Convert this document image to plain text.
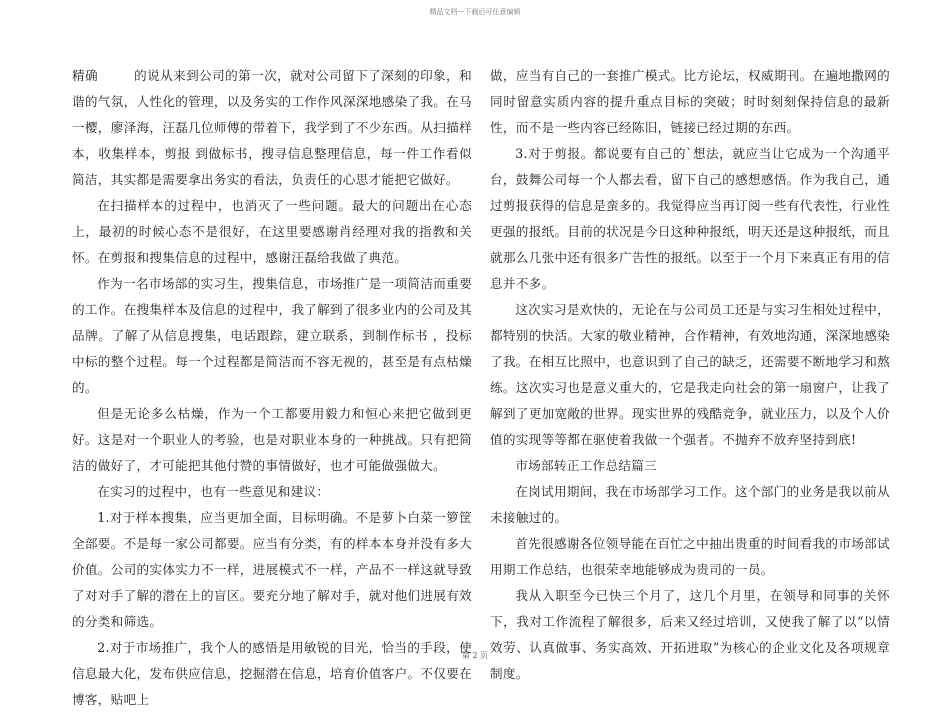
精品文档---下载后可任意编辑

精确	的说从来到公司的第一次，就对公司留下了深刻的印象，和谐的气氛，人性化的管理，以及务实的工作作风深深地感染了我。在马一樱，廖泽海，汪磊几位师傅的带着下，我学到了不少东西。从扫描样本，收集样本，剪报 到做标书，搜寻信息整理信息，每一件工作看似简洁，其实都是需要拿出务实的看法，负责任的心思才能把它做好。

在扫描样本的过程中，也消灭了一些问题。最大的问题出在心态上，最初的时候心态不是很好，在这里要感谢肖经理对我的指教和关怀。在剪报和搜集信息的过程中，感谢汪磊给我做了典范。

作为一名市场部的实习生，搜集信息，市场推广是一项简洁而重要的工作。在搜集样本及信息的过程中，我了解到了很多业内的公司及其品牌。了解了从信息搜集，电话跟踪，建立联系，到制作标书 ，投标中标的整个过程。每一个过程都是简洁而不容无视的，甚至是有点枯燥的。

但是无论多么枯燥，作为一个工都要用毅力和恒心来把它做到更好。这是对一个职业人的考验，也是对职业本身的一种挑战。只有把简洁的做好了，才可能把其他付赞的事情做好，也才可能做强做大。

在实习的过程中，也有一些意见和建议：

1.对于样本搜集，应当更加全面，目标明确。不是萝卜白菜一箩筐全部要。不是每一家公司都要。应当有分类，有的样本本身并没有多大价值。公司的实体实力不一样，进展模式不一样，产品不一样这就导致了对对手了解的潜在上的盲区。要充分地了解对手，就对他们进展有效的分类和筛选。

2.对于市场推广，我个人的感悟是用敏锐的目光，恰当的手段，使信息最大化，发布供应信息，挖掘潜在信息，培育价值客户。不仅要在博客，贴吧上

做，应当有自己的一套推广模式。比方论坛，权威期刊。在遍地撒网的同时留意实质内容的提升重点目标的突破；时时刻刻保持信息的最新性，而不是一些内容已经陈旧，链接已经过期的东西。

3.对于剪报。都说要有自己的`想法，就应当让它成为一个沟通平台，鼓舞公司每一个人都去看，留下自己的感想感悟。作为我自己，通过剪报获得的信息是蛮多的。我觉得应当再订阅一些有代表性，行业性更强的报纸。目前的状况是今日这种种报纸，明天还是这种报纸，而且就那么几张中还有很多广告性的报纸。以至于一个月下来真正有用的信息并不多。

这次实习是欢快的，无论在与公司员工还是与实习生相处过程中，都特别的快活。大家的敬业精神，合作精神，有效地沟通，深深地感染了我。在相互比照中，也意识到了自己的缺乏，还需要不断地学习和熬练。这次实习也是意义重大的，它是我走向社会的第一扇窗户，让我了解到了更加宽敞的世界。现实世界的残酷竞争，就业压力，以及个人价值的实现等等都在驱使着我做一个强者。不抛弃不放弃坚持到底!

市场部转正工作总结篇三

在岗试用期间，我在市场部学习工作。这个部门的业务是我以前从未接触过的。

首先很感谢各位领导能在百忙之中抽出贵重的时间看我的市场部试用期工作总结，也很荣幸地能够成为贵司的一员。

我从入职至今已快三个月了，这几个月里，在领导和同事的关怀下，我对工作流程了解很多，后来又经过培训，又使我了解了以“以情效劳、认真做事、务实高效、开拓进取”为核心的企业文化及各项规章制度。

第 2 页
